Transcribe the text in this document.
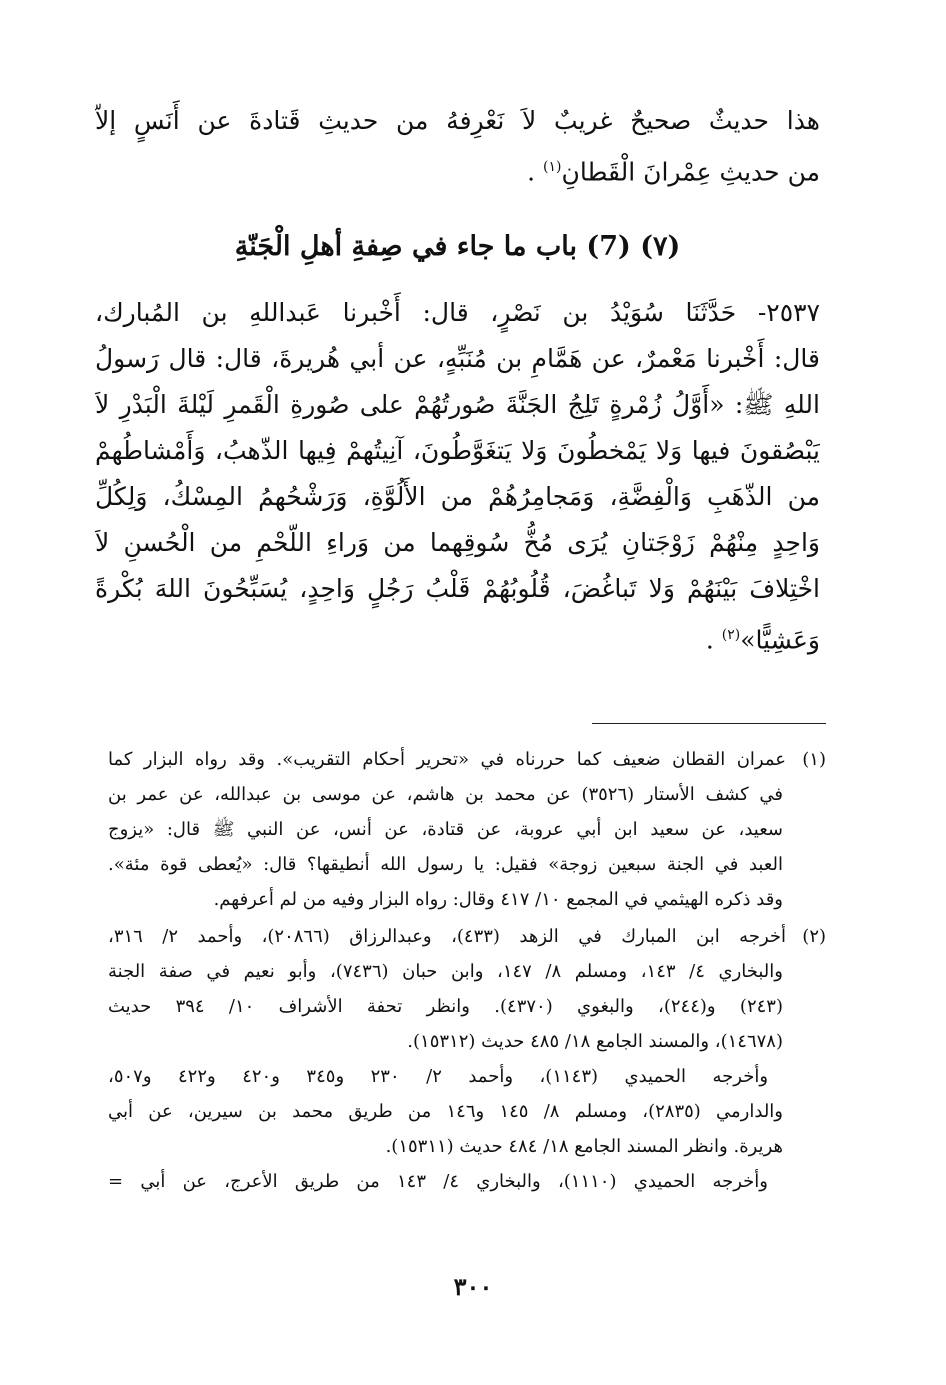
هذا حديثٌ صحيحٌ غريبٌ لاَ نَعْرِفهُ من حديثِ قَتادةَ عن أَنَسٍ إلاّ
من حديثِ عِمْرانَ الْقَطانِ$^{(١)}$ .
(٧) (7) باب ما جاء في صِفةِ أهلِ الْجَنّةِ
٢٥٣٧- حَدَّثَنَا سُوَيْدُ بن نَصْرٍ، قال: أَخْبرنا عَبداللهِ بن المُبارك،
قال: أَخْبرنا مَعْمرٌ، عن هَمَّامِ بن مُنَبِّهٍ، عن أبي هُريرةَ، قال: قال رَسولُ
اللهِ ﷺ: «أَوَّلُ زُمْرةٍ تَلِجُ الجَنَّةَ صُورتُهُمْ على صُورةِ الْقَمرِ لَيْلةَ الْبَدْرِ لاَ
يَبْصُقونَ فيها وَلا يَمْخطُونَ وَلا يَتغَوَّطُونَ، آنِيتُهمْ فِيها الذّهبُ، وَأَمْشاطُهمْ
من الذّهَبِ وَالْفِضَّةِ، وَمَجامِرُهُمْ من الأَلُوَّةِ، وَرَشْحُهمُ المِسْكُ، وَلِكُلِّ
وَاحِدٍ مِنْهُمْ زَوْجَتانِ يُرَى مُخُّ سُوقِهما من وَراءِ اللّحْمِ من الْحُسنِ لاَ
اخْتِلافَ بَيْنَهُمْ وَلا تَباغُضَ، قُلُوبُهُمْ قَلْبُ رَجُلٍ وَاحِدٍ، يُسَبِّحُونَ اللهَ بُكْرةً
وَعَشِيًّا»$^{(٢)}$ .
(١)عمران القطان ضعيف كما حررناه في «تحرير أحكام التقريب». وقد رواه البزار كما
في كشف الأستار (٣٥٢٦) عن محمد بن هاشم، عن موسى بن عبدالله، عن عمر بن
سعيد، عن سعيد ابن أبي عروبة، عن قتادة، عن أنس، عن النبي ﷺ قال: «يزوج
العبد في الجنة سبعين زوجة» فقيل: يا رسول الله أنطيقها؟ قال: «يُعطى قوة مئة».
وقد ذكره الهيثمي في المجمع ١٠/ ٤١٧ وقال: رواه البزار وفيه من لم أعرفهم.
(٢)أخرجه ابن المبارك في الزهد (٤٣٣)، وعبدالرزاق (٢٠٨٦٦)، وأحمد ٢/ ٣١٦،
والبخاري ٤/ ١٤٣، ومسلم ٨/ ١٤٧، وابن حبان (٧٤٣٦)، وأبو نعيم في صفة الجنة
(٢٤٣) و(٢٤٤)، والبغوي (٤٣٧٠). وانظر تحفة الأشراف ١٠/ ٣٩٤ حديث
(١٤٦٧٨)، والمسند الجامع ١٨/ ٤٨٥ حديث (١٥٣١٢).
وأخرجه الحميدي (١١٤٣)، وأحمد ٢/ ٢٣٠ و٣٤٥ و٤٢٠ و٤٢٢ و٥٠٧،
والدارمي (٢٨٣٥)، ومسلم ٨/ ١٤٥ و١٤٦ من طريق محمد بن سيرين، عن أبي
هريرة. وانظر المسند الجامع ١٨/ ٤٨٤ حديث (١٥٣١١).
وأخرجه الحميدي (١١١٠)، والبخاري ٤/ ١٤٣ من طريق الأعرج، عن أبي =
٣٠٠
